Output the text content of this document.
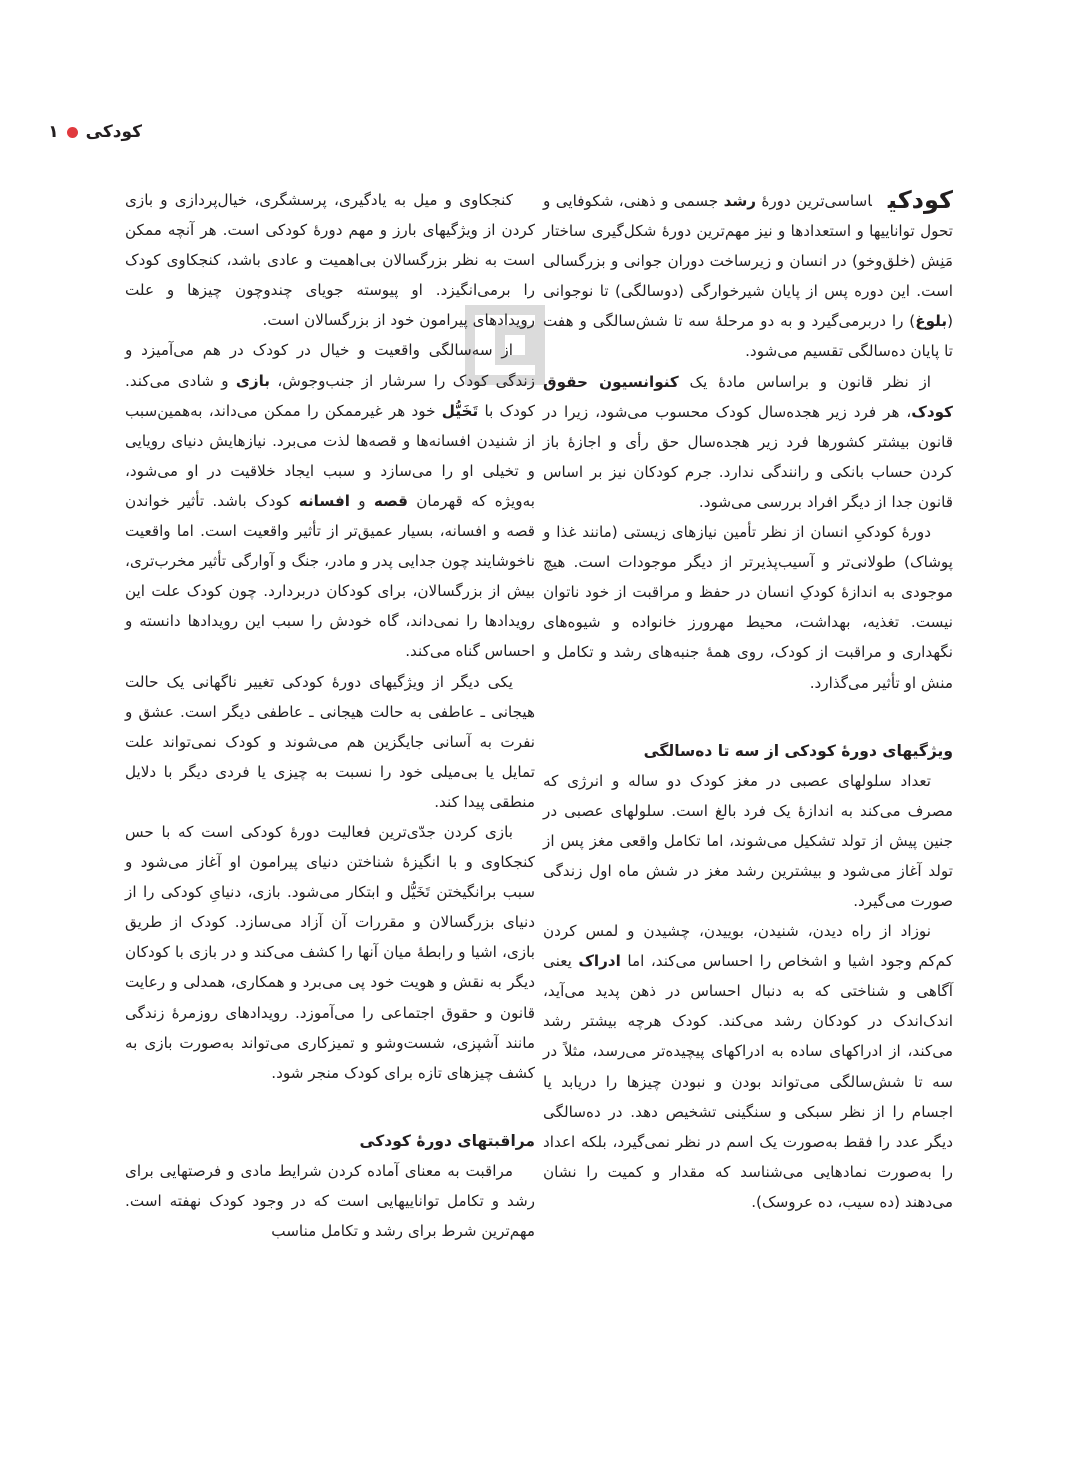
کودکی
۱

کودکیاساسی‌ترین دورهٔ رشد جسمی و ذهنی، شکوفایی و تحول تواناییها و استعدادها و نیز مهم‌ترین دورهٔ شکل‌گیری ساختار مَنِش (خلق‌وخو) در انسان و زیرساخت دوران جوانی و بزرگسالی است. این دوره پس از پایان شیرخوارگی (دوسالگی) تا نوجوانی (بلوغ) را دربرمی‌گیرد و به دو مرحلهٔ سه تا شش‌سالگی و هفت تا پایان ده‌سالگی تقسیم می‌شود.

از نظر قانون و براساس مادهٔ یک کنوانسیون حقوق کودک، هر فرد زیر هجده‌سال کودک محسوب می‌شود، زیرا در قانون بیشتر کشورها فرد زیر هجده‌سال حق رأی و اجازهٔ باز کردن حساب بانکی و رانندگی ندارد. جرم کودکان نیز بر اساس قانون جدا از دیگر افراد بررسی می‌شود.

دورهٔ کودکیِ انسان از نظر تأمین نیازهای زیستی (مانند غذا و پوشاک) طولانی‌تر و آسیب‌پذیرتر از دیگر موجودات است. هیچ موجودی به اندازهٔ کودکِ انسان در حفظ و مراقبت از خود ناتوان نیست. تغذیه، بهداشت، محیط مهرورز خانواده و شیوه‌های نگهداری و مراقبت از کودک، روی همهٔ جنبه‌های رشد و تکامل و منش او تأثیر می‌گذارد.

ویژگیهای دورهٔ کودکی از سه تا ده‌سالگی

تعداد سلولهای عصبی در مغز کودک دو ساله و انرژی که مصرف می‌کند به اندازهٔ یک فرد بالغ است. سلولهای عصبی در جنین پیش از تولد تشکیل می‌شوند، اما تکامل واقعی مغز پس از تولد آغاز می‌شود و بیشترین رشد مغز در شش ماه اول زندگی صورت می‌گیرد.

نوزاد از راه دیدن، شنیدن، بوییدن، چشیدن و لمس کردن کم‌کم وجود اشیا و اشخاص را احساس می‌کند، اما ادراک یعنی آگاهی و شناختی که به دنبال احساس در ذهن پدید می‌آید، اندک‌اندک در کودکان رشد می‌کند. کودک هرچه بیشتر رشد می‌کند، از ادراکهای ساده به ادراکهای پیچیده‌تر می‌رسد، مثلاً در سه تا شش‌سالگی می‌تواند بودن و نبودن چیزها را دریابد یا اجسام را از نظر سبکی و سنگینی تشخیص دهد. در ده‌سالگی دیگر عدد را فقط به‌صورت یک اسم در نظر نمی‌گیرد، بلکه اعداد را به‌صورت نمادهایی می‌شناسد که مقدار و کمیت را نشان می‌دهند (ده سیب، ده عروسک).

کنجکاوی و میل به یادگیری، پرسشگری، خیال‌پردازی و بازی کردن از ویژگیهای بارز و مهم دورهٔ کودکی است. هر آنچه ممکن است به نظر بزرگسالان بی‌اهمیت و عادی باشد، کنجکاوی کودک را برمی‌انگیزد. او پیوسته جویای چندوچون چیزها و علت رویدادهای پیرامون خود از بزرگسالان است.

از سه‌سالگی واقعیت و خیال در کودک در هم می‌آمیزد و زندگی کودک را سرشار از جنب‌وجوش، بازی و شادی می‌کند. کودک با تَخَیُّل خود هر غیرممکن را ممکن می‌داند، به‌همین‌سبب از شنیدن افسانه‌ها و قصه‌ها لذت می‌برد. نیازهایش دنیای رویایی و تخیلی او را می‌سازد و سبب ایجاد خلاقیت در او می‌شود، به‌ویژه که قهرمان قصه و افسانه کودک باشد. تأثیر خواندن قصه و افسانه، بسیار عمیق‌تر از تأثیر واقعیت است. اما واقعیت ناخوشایند چون جدایی پدر و مادر، جنگ و آوارگی تأثیر مخرب‌تری، بیش از بزرگسالان، برای کودکان دربردارد. چون کودک علت این رویدادها را نمی‌داند، گاه خودش را سبب این رویدادها دانسته و احساس گناه می‌کند.

یکی دیگر از ویژگیهای دورهٔ کودکی تغییر ناگهانی یک حالت هیجانی ـ عاطفی به حالت هیجانی ـ عاطفی دیگر است. عشق و نفرت به آسانی جایگزین هم می‌شوند و کودک نمی‌تواند علت تمایل یا بی‌میلی خود را نسبت به چیزی یا فردی دیگر با دلایل منطقی پیدا کند.

بازی کردن جدّی‌ترین فعالیت دورهٔ کودکی است که با حس کنجکاوی و با انگیزهٔ شناختن دنیای پیرامون او آغاز می‌شود و سبب برانگیختن تَخَیُّل و ابتکار می‌شود. بازی، دنیایِ کودکی را از دنیای بزرگسالان و مقررات آن آزاد می‌سازد. کودک از طریق بازی، اشیا و رابطهٔ میان آنها را کشف می‌کند و در بازی با کودکان دیگر به نقش و هویت خود پی می‌برد و همکاری، همدلی و رعایت قانون و حقوق اجتماعی را می‌آموزد. رویدادهای روزمرهٔ زندگی مانند آشپزی، شست‌وشو و تمیزکاری می‌تواند به‌صورت بازی به کشف چیزهای تازه برای کودک منجر شود.

مراقبتهای دورهٔ کودکی

مراقبت به معنای آماده کردن شرایط مادی و فرصتهایی برای رشد و تکامل تواناییهایی است که در وجود کودک نهفته است. مهم‌ترین شرط برای رشد و تکامل مناسب
